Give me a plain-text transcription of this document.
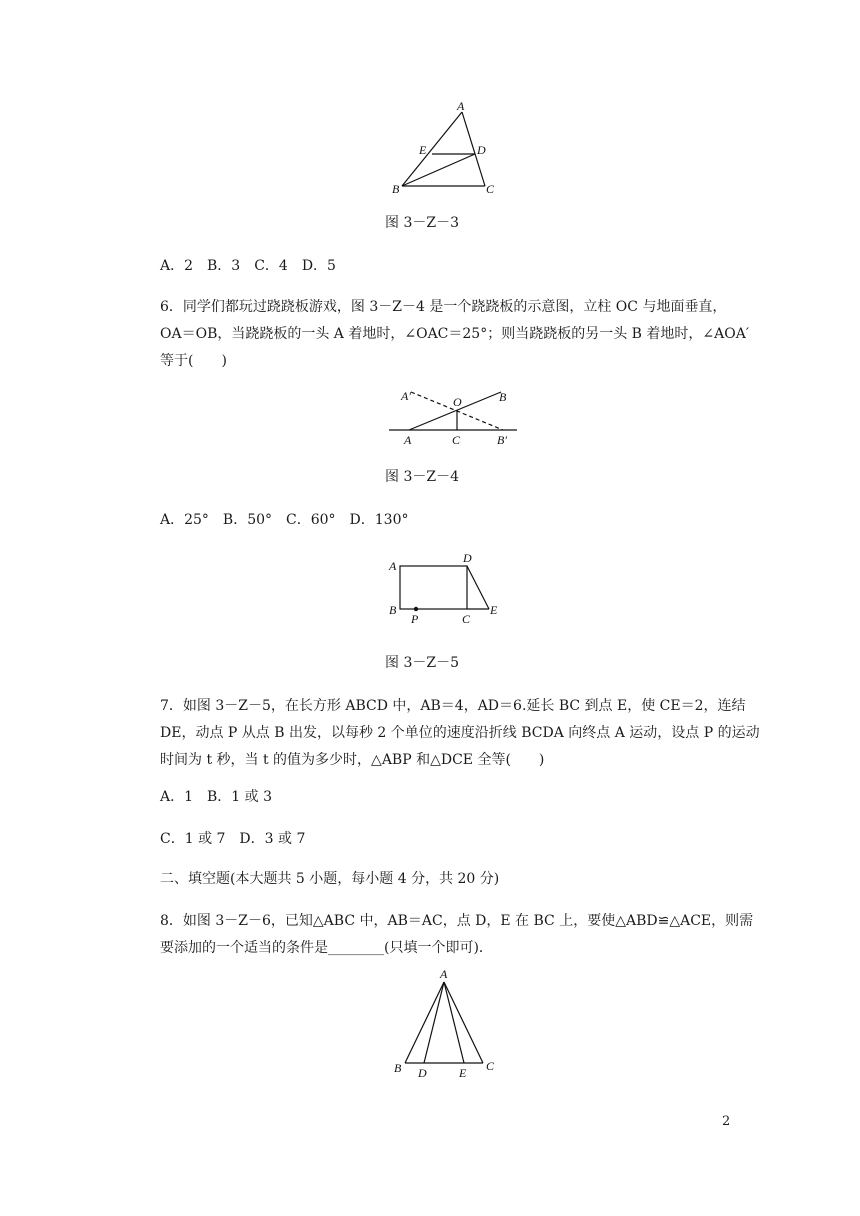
A
E	D
B	C
图 3－Z－3
A．2　B．3　C．4　D．5
6．同学们都玩过跷跷板游戏，图 3－Z－4 是一个跷跷板的示意图，立柱 OC 与地面垂直，
OA＝OB，当跷跷板的一头 A 着地时，∠OAC＝25°；则当跷跷板的另一头 B 着地时，∠AOA′
等于(　　)
A′	O	B
A	C	B′
图 3－Z－4
A．25°　B．50°　C．60°　D．130°
A
D
B
P	C
E
图 3－Z－5
7．如图 3－Z－5，在长方形 ABCD 中，AB＝4，AD＝6.延长 BC 到点 E，使 CE＝2，连结
DE，动点 P 从点 B 出发，以每秒 2 个单位的速度沿折线 BCDA 向终点 A 运动，设点 P 的运动
时间为 t 秒，当 t 的值为多少时，△ABP 和△DCE 全等(　　)
A．1　B．1 或 3
C．1 或 7　D．3 或 7
二、填空题(本大题共 5 小题，每小题 4 分，共 20 分)
8．如图 3－Z－6，已知△ABC 中，AB＝AC，点 D，E 在 BC 上，要使△ABD≌△ACE，则需
要添加的一个适当的条件是________(只填一个即可)．
A
B D	E C
2
